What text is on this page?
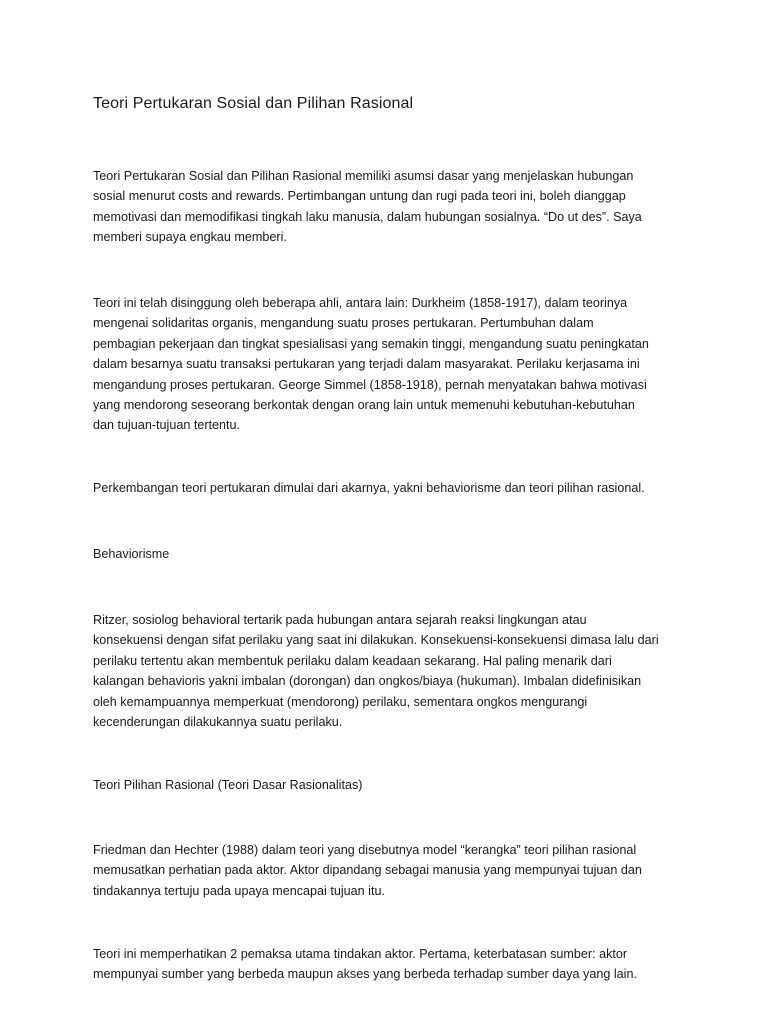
Teori Pertukaran Sosial dan Pilihan Rasional

Teori Pertukaran Sosial dan Pilihan Rasional memiliki asumsi dasar yang menjelaskan hubungan
sosial menurut costs and rewards. Pertimbangan untung dan rugi pada teori ini, boleh dianggap
memotivasi dan memodifikasi tingkah laku manusia, dalam hubungan sosialnya. “Do ut des”. Saya
memberi supaya engkau memberi.

Teori ini telah disinggung oleh beberapa ahli, antara lain: Durkheim (1858-1917), dalam teorinya
mengenai solidaritas organis, mengandung suatu proses pertukaran. Pertumbuhan dalam
pembagian pekerjaan dan tingkat spesialisasi yang semakin tinggi, mengandung suatu peningkatan
dalam besarnya suatu transaksi pertukaran yang terjadi dalam masyarakat. Perilaku kerjasama ini
mengandung proses pertukaran. George Simmel (1858-1918), pernah menyatakan bahwa motivasi
yang mendorong seseorang berkontak dengan orang lain untuk memenuhi kebutuhan-kebutuhan
dan tujuan-tujuan tertentu.

Perkembangan teori pertukaran dimulai dari akarnya, yakni behaviorisme dan teori pilihan rasional.

Behaviorisme

Ritzer, sosiolog behavioral tertarik pada hubungan antara sejarah reaksi lingkungan atau
konsekuensi dengan sifat perilaku yang saat ini dilakukan. Konsekuensi-konsekuensi dimasa lalu dari
perilaku tertentu akan membentuk perilaku dalam keadaan sekarang. Hal paling menarik dari
kalangan behavioris yakni imbalan (dorongan) dan ongkos/biaya (hukuman). Imbalan didefinisikan
oleh kemampuannya memperkuat (mendorong) perilaku, sementara ongkos mengurangi
kecenderungan dilakukannya suatu perilaku.

Teori Pilihan Rasional (Teori Dasar Rasionalitas)

Friedman dan Hechter (1988) dalam teori yang disebutnya model “kerangka” teori pilihan rasional
memusatkan perhatian pada aktor. Aktor dipandang sebagai manusia yang mempunyai tujuan dan
tindakannya tertuju pada upaya mencapai tujuan itu.

Teori ini memperhatikan 2 pemaksa utama tindakan aktor. Pertama, keterbatasan sumber: aktor
mempunyai sumber yang berbeda maupun akses yang berbeda terhadap sumber daya yang lain.
